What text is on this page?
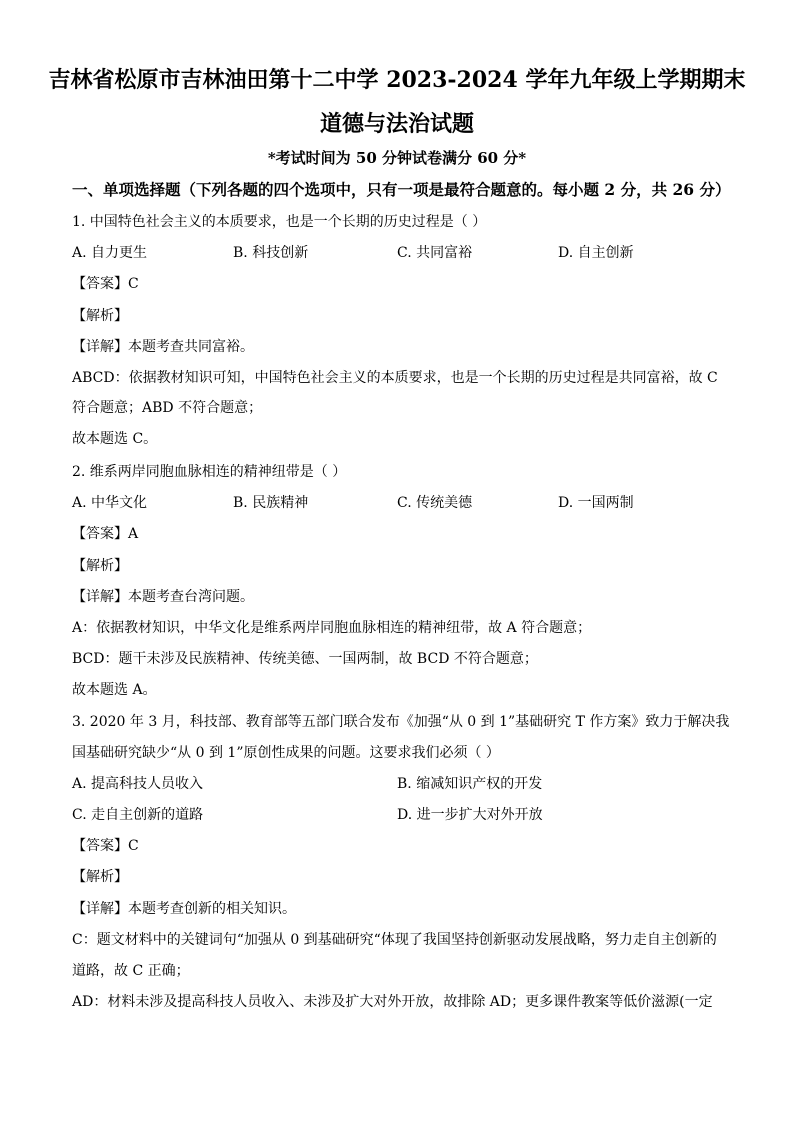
吉林省松原市吉林油田第十二中学 2023-2024 学年九年级上学期期末
道德与法治试题
*考试时间为 50 分钟试卷满分 60 分*
一、单项选择题（下列各题的四个选项中，只有一项是最符合题意的。每小题 2 分，共 26 分）
1. 中国特色社会主义的本质要求，也是一个长期的历史过程是（ ）
A. 自力更生	B. 科技创新	C. 共同富裕	D. 自主创新
【答案】C
【解析】
【详解】本题考查共同富裕。
ABCD：依据教材知识可知，中国特色社会主义的本质要求，也是一个长期的历史过程是共同富裕，故 C
符合题意；ABD 不符合题意；
故本题选 C。
2. 维系两岸同胞血脉相连的精神纽带是（ ）
A. 中华文化	B. 民族精神	C. 传统美德	D. 一国两制
【答案】A
【解析】
【详解】本题考查台湾问题。
A：依据教材知识，中华文化是维系两岸同胞血脉相连的精神纽带，故 A 符合题意；
BCD：题干未涉及民族精神、传统美德、一国两制，故 BCD 不符合题意；
故本题选 A。
3. 2020 年 3 月，科技部、教育部等五部门联合发布《加强“从 0 到 1”基础研究 T 作方案》致力于解决我
国基础研究缺少“从 0 到 1”原创性成果的问题。这要求我们必须（ ）
A. 提高科技人员收入	B. 缩减知识产权的开发
C. 走自主创新的道路	D. 进一步扩大对外开放
【答案】C
【解析】
【详解】本题考查创新的相关知识。
C：题文材料中的关键词句“加强从 0 到基础研究“体现了我国坚持创新驱动发展战略，努力走自主创新的
道路，故 C 正确；
AD：材料未涉及提高科技人员收入、未涉及扩大对外开放，故排除 AD；更多课件教案等低价滋源(一定
